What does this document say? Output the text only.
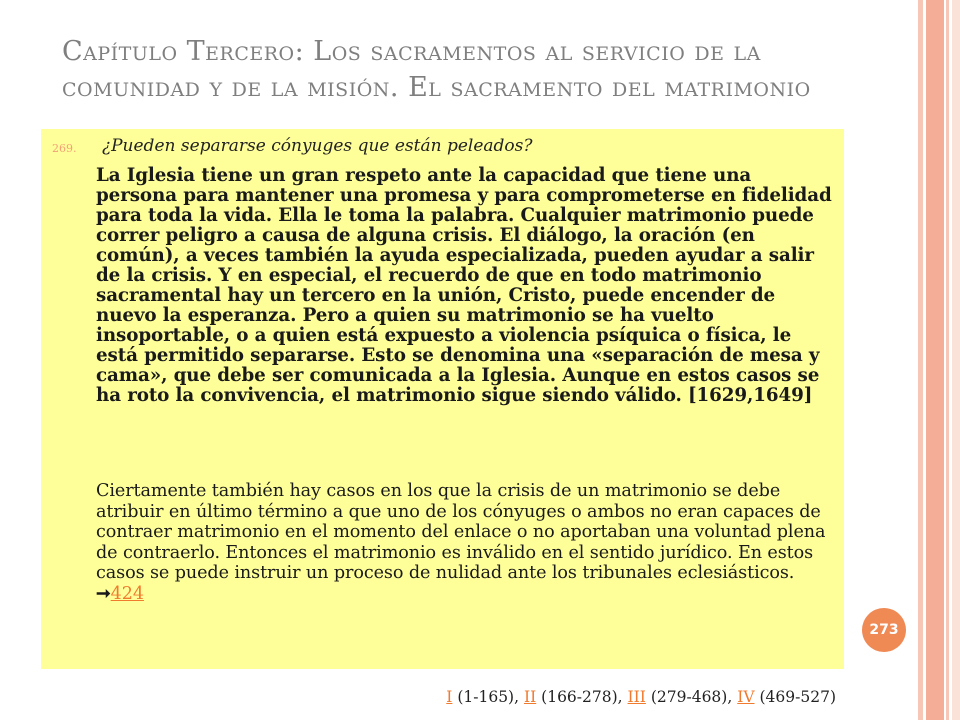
Capítulo Tercero: Los sacramentos al servicio de la comunidad y de la misión. El sacramento del matrimonio
269. ¿Pueden separarse cónyuges que están peleados?
La Iglesia tiene un gran respeto ante la capacidad que tiene una persona para mantener una promesa y para comprometerse en fidelidad para toda la vida. Ella le toma la palabra. Cualquier matrimonio puede correr peligro a causa de alguna crisis. El diálogo, la oración (en común), a veces también la ayuda especializada, pueden ayudar a salir de la crisis. Y en especial, el recuerdo de que en todo matrimonio sacramental hay un tercero en la unión, Cristo, puede encender de nuevo la esperanza. Pero a quien su matrimonio se ha vuelto insoportable, o a quien está expuesto a violencia psíquica o física, le está permitido separarse. Esto se denomina una «separación de mesa y cama», que debe ser comunicada a la Iglesia. Aunque en estos casos se ha roto la convivencia, el matrimonio sigue siendo válido. [1629,1649]
Ciertamente también hay casos en los que la crisis de un matrimonio se debe atribuir en último término a que uno de los cónyuges o ambos no eran capaces de contraer matrimonio en el momento del enlace o no aportaban una voluntad plena de contraerlo. Entonces el matrimonio es inválido en el sentido jurídico. En estos casos se puede instruir un proceso de nulidad ante los tribunales eclesiásticos. ➞424
273
I (1-165), II (166-278), III (279-468), IV (469-527)
